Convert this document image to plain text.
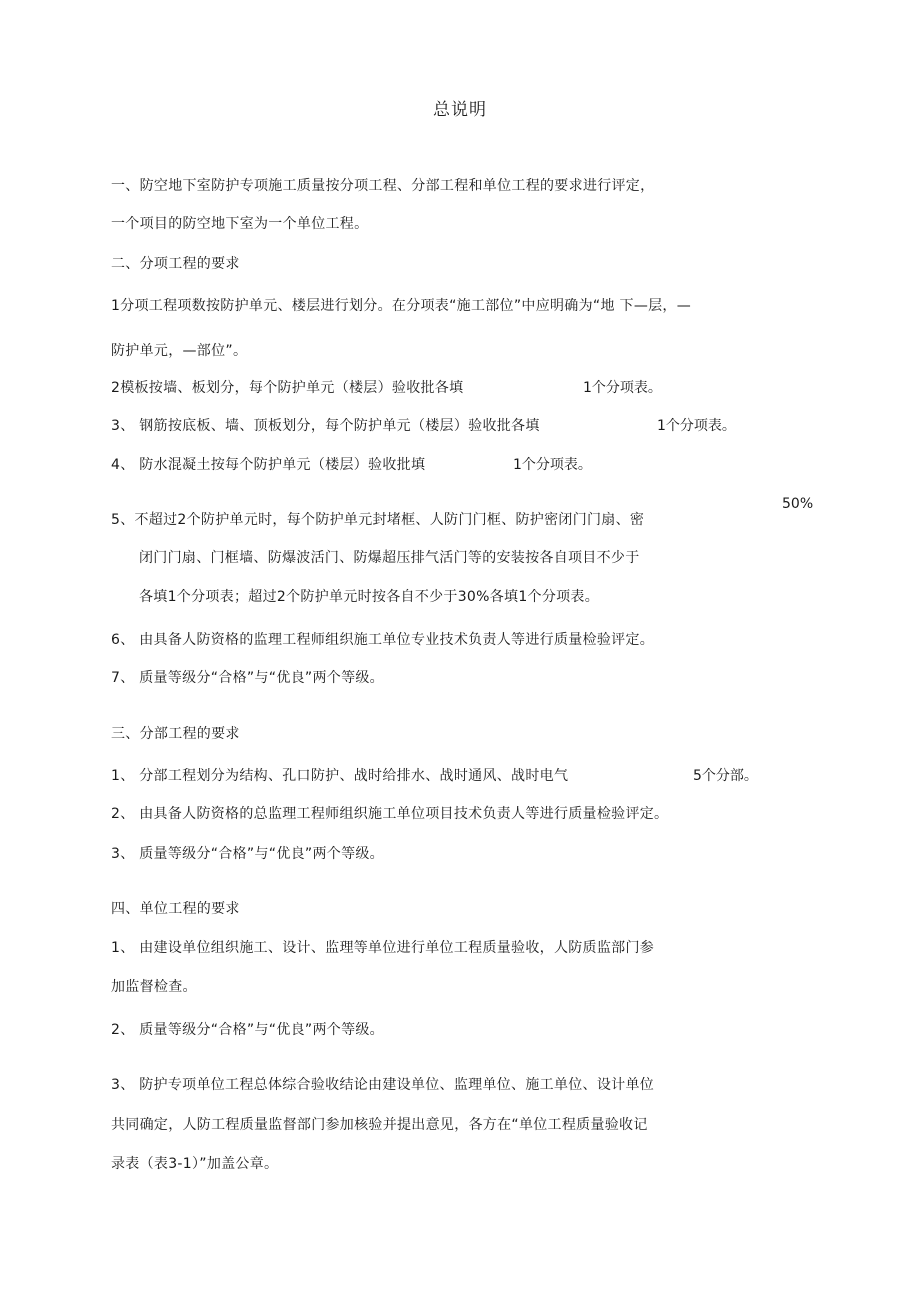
总说明
一、防空地下室防护专项施工质量按分项工程、分部工程和单位工程的要求进行评定，
一个项目的防空地下室为一个单位工程。
二、分项工程的要求
1分项工程项数按防护单元、楼层进行划分。在分项表“施工部位”中应明确为“地 下—层，—
防护单元，—部位”。
2模板按墙、板划分，每个防护单元（楼层）验收批各填	1个分项表。
3、 钢筋按底板、墙、顶板划分，每个防护单元（楼层）验收批各填	1个分项表。
4、 防水混凝土按每个防护单元（楼层）验收批填	1个分项表。
50%
5、不超过2个防护单元时，每个防护单元封堵框、人防门门框、防护密闭门门扇、密
闭门门扇、门框墙、防爆波活门、防爆超压排气活门等的安装按各自项目不少于
各填1个分项表；超过2个防护单元时按各自不少于30%各填1个分项表。
6、 由具备人防资格的监理工程师组织施工单位专业技术负责人等进行质量检验评定。
7、 质量等级分“合格”与“优良”两个等级。
三、分部工程的要求
1、 分部工程划分为结构、孔口防护、战时给排水、战时通风、战时电气	5个分部。
2、 由具备人防资格的总监理工程师组织施工单位项目技术负责人等进行质量检验评定。
3、 质量等级分“合格”与“优良”两个等级。
四、单位工程的要求
1、 由建设单位组织施工、设计、监理等单位进行单位工程质量验收，人防质监部门参
加监督检查。
2、 质量等级分“合格”与“优良”两个等级。
3、 防护专项单位工程总体综合验收结论由建设单位、监理单位、施工单位、设计单位
共同确定，人防工程质量监督部门参加核验并提出意见，各方在“单位工程质量验收记
录表（表3-1）”加盖公章。
